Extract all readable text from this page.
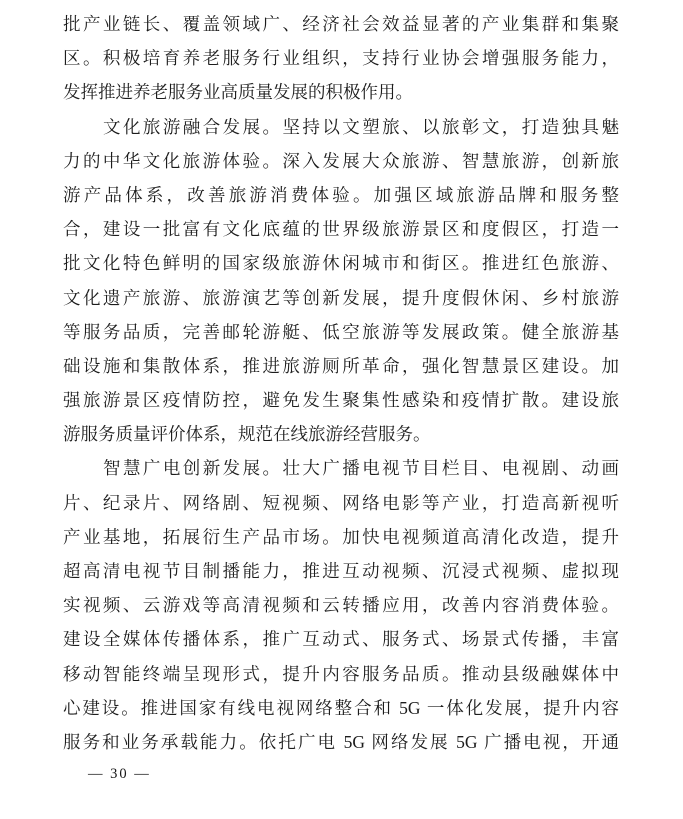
批产业链长、覆盖领域广、经济社会效益显著的产业集群和集聚
区。积极培育养老服务行业组织，支持行业协会增强服务能力，
发挥推进养老服务业高质量发展的积极作用。
文化旅游融合发展。坚持以文塑旅、以旅彰文，打造独具魅
力的中华文化旅游体验。深入发展大众旅游、智慧旅游，创新旅
游产品体系，改善旅游消费体验。加强区域旅游品牌和服务整
合，建设一批富有文化底蕴的世界级旅游景区和度假区，打造一
批文化特色鲜明的国家级旅游休闲城市和街区。推进红色旅游、
文化遗产旅游、旅游演艺等创新发展，提升度假休闲、乡村旅游
等服务品质，完善邮轮游艇、低空旅游等发展政策。健全旅游基
础设施和集散体系，推进旅游厕所革命，强化智慧景区建设。加
强旅游景区疫情防控，避免发生聚集性感染和疫情扩散。建设旅
游服务质量评价体系，规范在线旅游经营服务。
智慧广电创新发展。壮大广播电视节目栏目、电视剧、动画
片、纪录片、网络剧、短视频、网络电影等产业，打造高新视听
产业基地，拓展衍生产品市场。加快电视频道高清化改造，提升
超高清电视节目制播能力，推进互动视频、沉浸式视频、虚拟现
实视频、云游戏等高清视频和云转播应用，改善内容消费体验。
建设全媒体传播体系，推广互动式、服务式、场景式传播，丰富
移动智能终端呈现形式，提升内容服务品质。推动县级融媒体中
心建设。推进国家有线电视网络整合和 5G 一体化发展，提升内容
服务和业务承载能力。依托广电 5G 网络发展 5G 广播电视，开通
— 30 —
